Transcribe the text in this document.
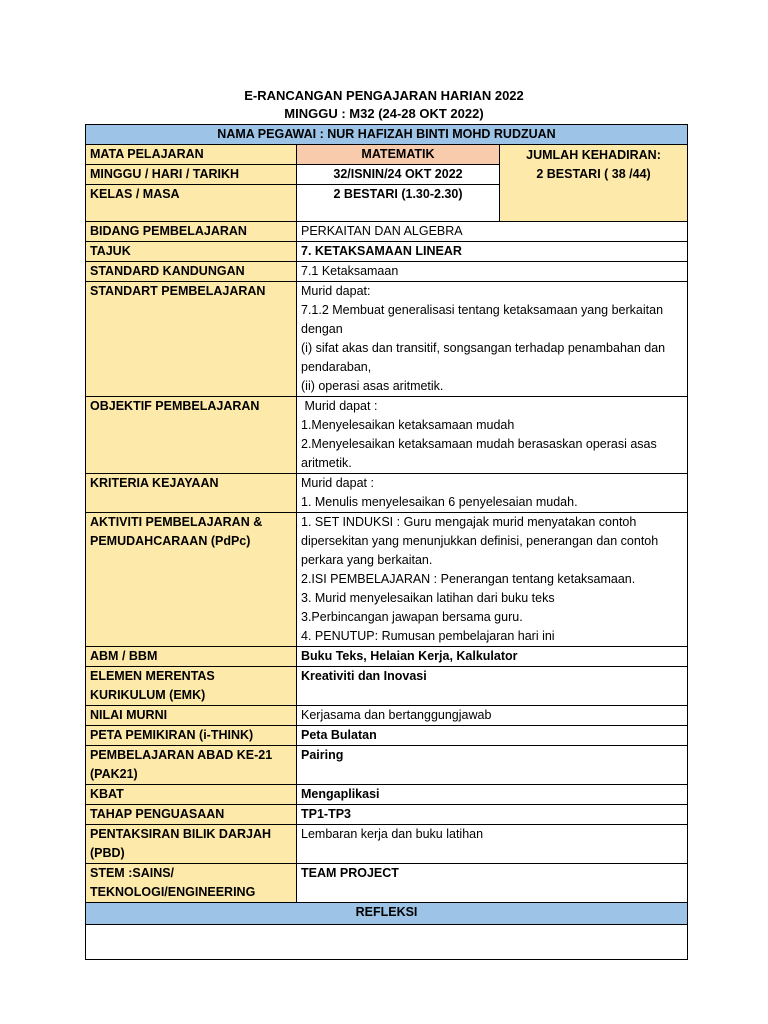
E-RANCANGAN PENGAJARAN HARIAN 2022
MINGGU : M32 (24-28 OKT 2022)
NAMA PEGAWAI : NUR HAFIZAH BINTI MOHD RUDZUAN		
MATA PELAJARAN	MATEMATIK	JUMLAH KEHADIRAN:
2 BESTARI ( 38 /44)

MINGGU / HARI / TARIKH	32/ISNIN/24 OKT 2022	
KELAS / MASA	2 BESTARI (1.30-2.30)	
BIDANG PEMBELAJARAN	PERKAITAN DAN ALGEBRA	
TAJUK	7. KETAKSAMAAN LINEAR	
STANDARD KANDUNGAN	7.1 Ketaksamaan	
STANDART PEMBELAJARAN	Murid dapat:
7.1.2 Membuat generalisasi tentang ketaksamaan yang berkaitan dengan
(i) sifat akas dan transitif, songsangan terhadap penambahan dan pendaraban,
(ii) operasi asas aritmetik.	

OBJEKTIF PEMBELAJARAN	Murid dapat :
1.Menyelesaikan ketaksamaan mudah
2.Menyelesaikan ketaksamaan mudah berasaskan operasi asas aritmetik.	

KRITERIA KEJAYAAN	Murid dapat :
1. Menulis menyelesaikan 6 penyelesaian mudah.	

AKTIVITI PEMBELAJARAN & PEMUDAHCARAAN (PdPc)	1. SET INDUKSI : Guru mengajak murid menyatakan contoh dipersekitan yang menunjukkan definisi, penerangan dan contoh perkara yang berkaitan.
2.ISI PEMBELAJARAN : Penerangan tentang ketaksamaan.
3. Murid menyelesaikan latihan dari buku teks
3.Perbincangan jawapan bersama guru.
4. PENUTUP: Rumusan pembelajaran hari ini	

ABM / BBM	Buku Teks, Helaian Kerja, Kalkulator	
ELEMEN MERENTAS KURIKULUM (EMK)	Kreativiti dan Inovasi	
NILAI MURNI	Kerjasama dan bertanggungjawab	
PETA PEMIKIRAN (i-THINK)	Peta Bulatan	
PEMBELAJARAN ABAD KE-21 (PAK21)	Pairing	
KBAT	Mengaplikasi	
TAHAP PENGUASAAN	TP1-TP3	
PENTAKSIRAN BILIK DARJAH (PBD)	Lembaran kerja dan buku latihan	
STEM :SAINS/ TEKNOLOGI/ENGINEERING	TEAM PROJECT	
REFLEKSI		
